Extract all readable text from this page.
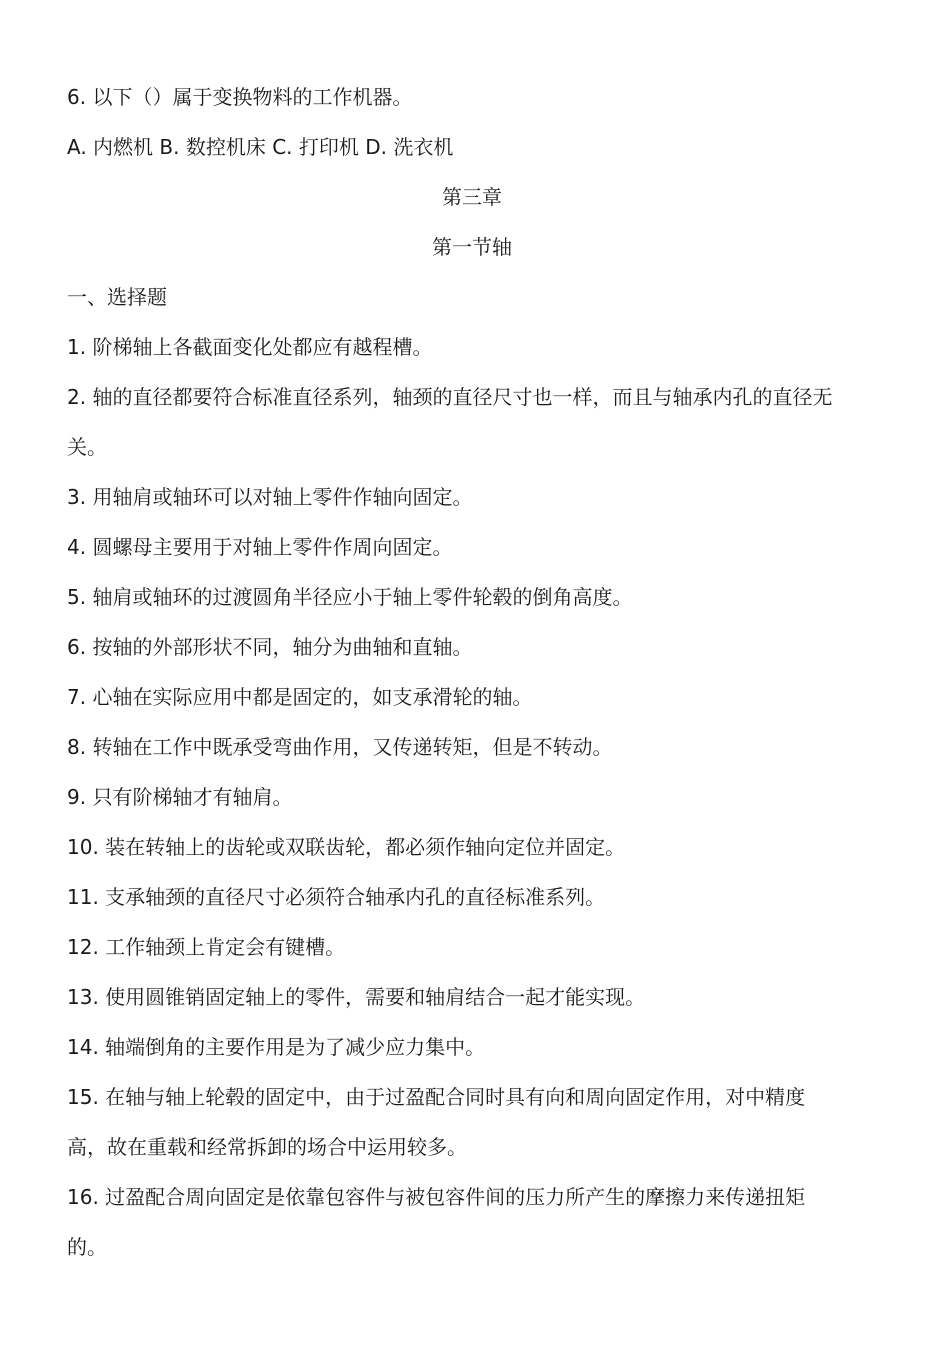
6. 以下（）属于变换物料的工作机器。
A. 内燃机 B. 数控机床 C. 打印机 D. 洗衣机
第三章
第一节轴
一、选择题
1. 阶梯轴上各截面变化处都应有越程槽。
2. 轴的直径都要符合标准直径系列，轴颈的直径尺寸也一样，而且与轴承内孔的直径无关。
3. 用轴肩或轴环可以对轴上零件作轴向固定。
4. 圆螺母主要用于对轴上零件作周向固定。
5. 轴肩或轴环的过渡圆角半径应小于轴上零件轮毂的倒角高度。
6. 按轴的外部形状不同，轴分为曲轴和直轴。
7. 心轴在实际应用中都是固定的，如支承滑轮的轴。
8. 转轴在工作中既承受弯曲作用，又传递转矩，但是不转动。
9. 只有阶梯轴才有轴肩。
10. 装在转轴上的齿轮或双联齿轮，都必须作轴向定位并固定。
11. 支承轴颈的直径尺寸必须符合轴承内孔的直径标准系列。
12. 工作轴颈上肯定会有键槽。
13. 使用圆锥销固定轴上的零件，需要和轴肩结合一起才能实现。
14. 轴端倒角的主要作用是为了减少应力集中。
15. 在轴与轴上轮毂的固定中，由于过盈配合同时具有向和周向固定作用，对中精度高，故在重载和经常拆卸的场合中运用较多。
16. 过盈配合周向固定是依靠包容件与被包容件间的压力所产生的摩擦力来传递扭矩的。
